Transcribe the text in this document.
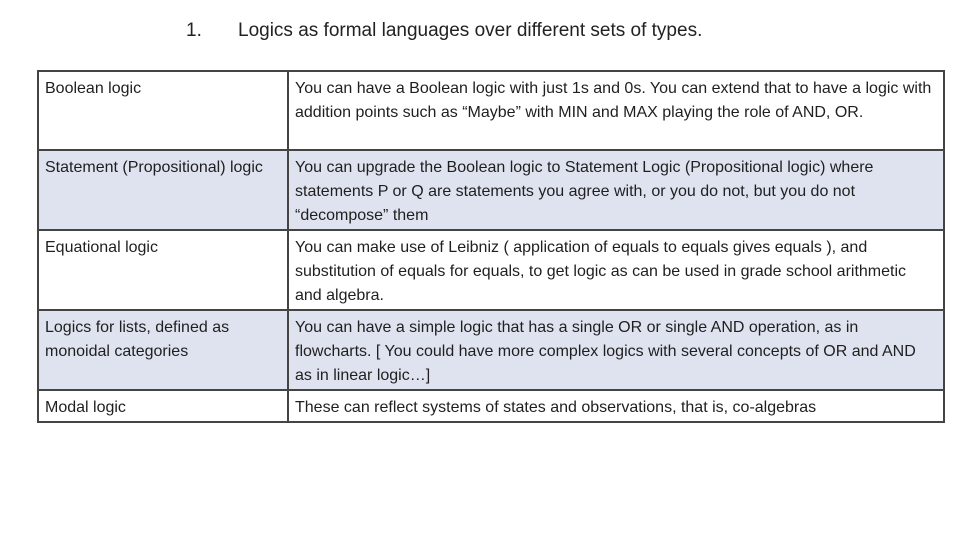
1. Logics as formal languages over different sets of types.
Boolean logic	You can have a Boolean logic with just 1s and 0s. You can extend that to have a logic with addition points such as “Maybe” with MIN and MAX playing the role of AND, OR.
Statement (Propositional) logic	You can upgrade the Boolean logic to Statement Logic (Propositional logic) where statements P or Q are statements you agree with, or you do not, but you do not “decompose” them
Equational logic	You can make use of Leibniz ( application of equals to equals gives equals ), and substitution of equals for equals, to get logic as can be used in grade school arithmetic and algebra.
Logics for lists, defined as monoidal categories	You can have a simple logic that has a single OR or single AND operation, as in flowcharts. [ You could have more complex logics with several concepts of OR and AND as in linear logic…]
Modal logic	These can reflect systems of states and observations, that is, co-algebras
